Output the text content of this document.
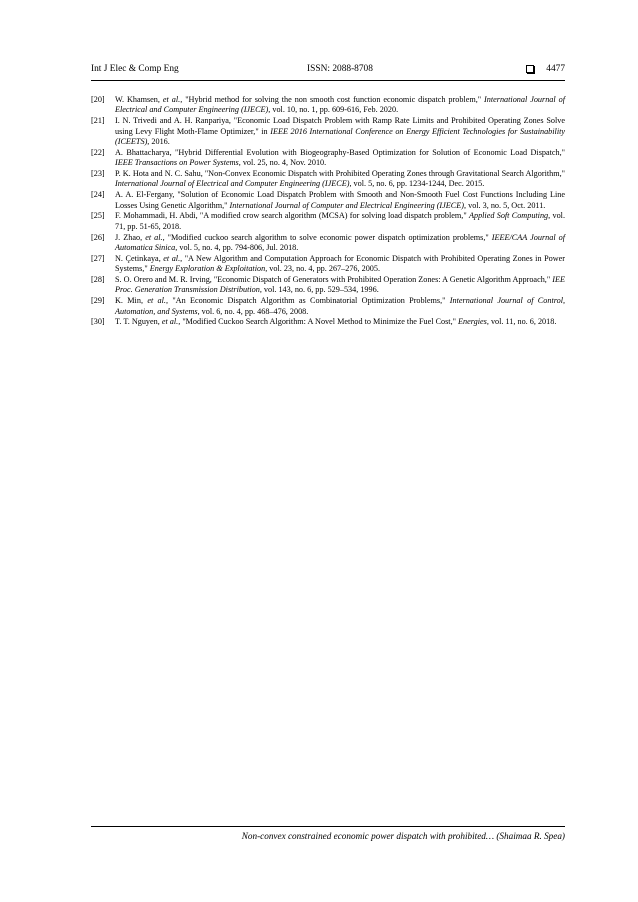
Int J Elec & Comp Eng	ISSN: 2088-8708	4477
[20] W. Khamsen, et al., "Hybrid method for solving the non smooth cost function economic dispatch problem," International Journal of Electrical and Computer Engineering (IJECE), vol. 10, no. 1, pp. 609-616, Feb. 2020.
[21] I. N. Trivedi and A. H. Ranpariya, "Economic Load Dispatch Problem with Ramp Rate Limits and Prohibited Operating Zones Solve using Levy Flight Moth-Flame Optimizer," in IEEE 2016 International Conference on Energy Efficient Technologies for Sustainability (ICEETS), 2016.
[22] A. Bhattacharya, "Hybrid Differential Evolution with Biogeography-Based Optimization for Solution of Economic Load Dispatch," IEEE Transactions on Power Systems, vol. 25, no. 4, Nov. 2010.
[23] P. K. Hota and N. C. Sahu, "Non-Convex Economic Dispatch with Prohibited Operating Zones through Gravitational Search Algorithm," International Journal of Electrical and Computer Engineering (IJECE), vol. 5, no. 6, pp. 1234-1244, Dec. 2015.
[24] A. A. El-Fergany, "Solution of Economic Load Dispatch Problem with Smooth and Non-Smooth Fuel Cost Functions Including Line Losses Using Genetic Algorithm," International Journal of Computer and Electrical Engineering (IJECE), vol. 3, no. 5, Oct. 2011.
[25] F. Mohammadi, H. Abdi, "A modified crow search algorithm (MCSA) for solving load dispatch problem," Applied Soft Computing, vol. 71, pp. 51-65, 2018.
[26] J. Zhao, et al., "Modified cuckoo search algorithm to solve economic power dispatch optimization problems," IEEE/CAA Journal of Automatica Sinica, vol. 5, no. 4, pp. 794-806, Jul. 2018.
[27] N. Çetinkaya, et al., "A New Algorithm and Computation Approach for Economic Dispatch with Prohibited Operating Zones in Power Systems," Energy Exploration & Exploitation, vol. 23, no. 4, pp. 267–276, 2005.
[28] S. O. Orero and M. R. Irving, "Economic Dispatch of Generators with Prohibited Operation Zones: A Genetic Algorithm Approach," IEE Proc. Generation Transmission Distribution, vol. 143, no. 6, pp. 529–534, 1996.
[29] K. Min, et al., "An Economic Dispatch Algorithm as Combinatorial Optimization Problems," International Journal of Control, Automation, and Systems, vol. 6, no. 4, pp. 468–476, 2008.
[30] T. T. Nguyen, et al., "Modified Cuckoo Search Algorithm: A Novel Method to Minimize the Fuel Cost," Energies, vol. 11, no. 6, 2018.
Non-convex constrained economic power dispatch with prohibited… (Shaimaa R. Spea)
